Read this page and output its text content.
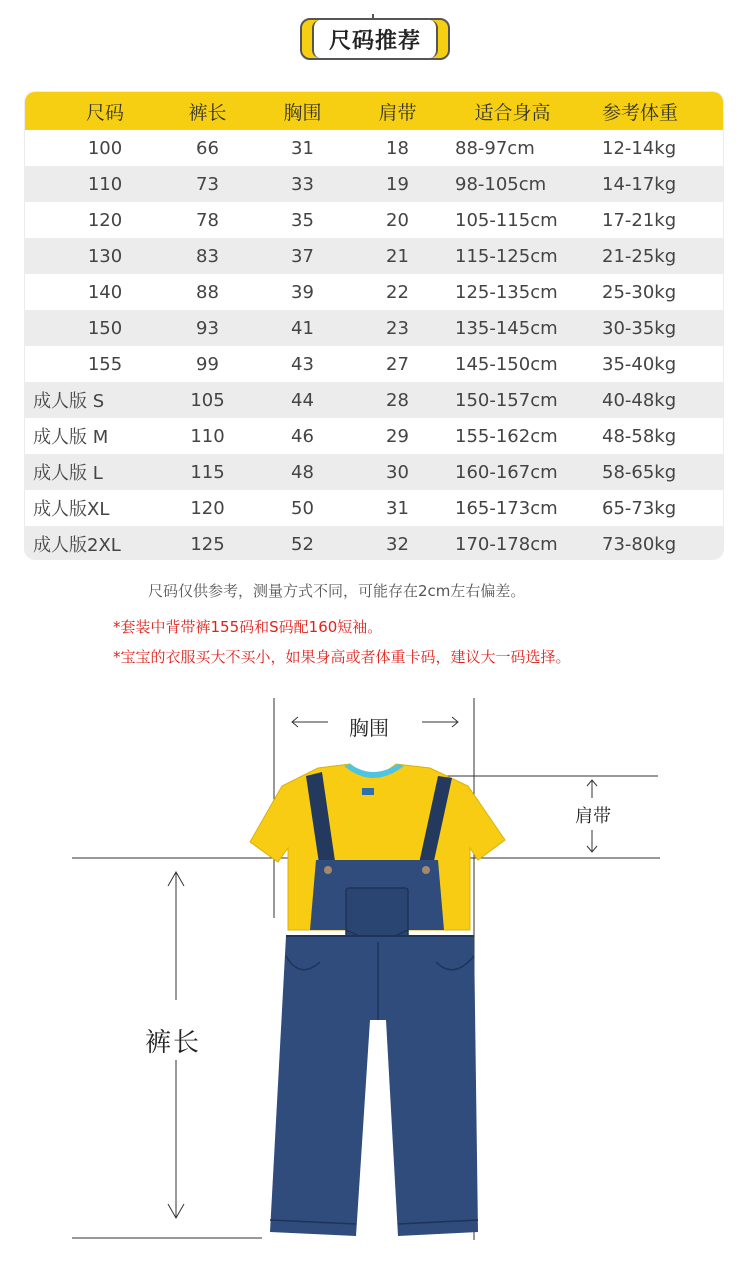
尺码推荐
尺码	裤长	胸围	肩带	适合身高	参考体重
100	66	31	18	88-97cm	12-14kg
110	73	33	19	98-105cm	14-17kg
120	78	35	20	105-115cm	17-21kg
130	83	37	21	115-125cm	21-25kg
140	88	39	22	125-135cm	25-30kg
150	93	41	23	135-145cm	30-35kg
155	99	43	27	145-150cm	35-40kg
成人版 S	105	44	28	150-157cm	40-48kg
成人版 M	110	46	29	155-162cm	48-58kg
成人版 L	115	48	30	160-167cm	58-65kg
成人版XL	120	50	31	165-173cm	65-73kg
成人版2XL	125	52	32	170-178cm	73-80kg
尺码仅供参考，测量方式不同，可能存在2cm左右偏差。
*套装中背带裤155码和S码配160短袖。
*宝宝的衣服买大不买小，如果身高或者体重卡码，建议大一码选择。
胸围
肩带
裤长
